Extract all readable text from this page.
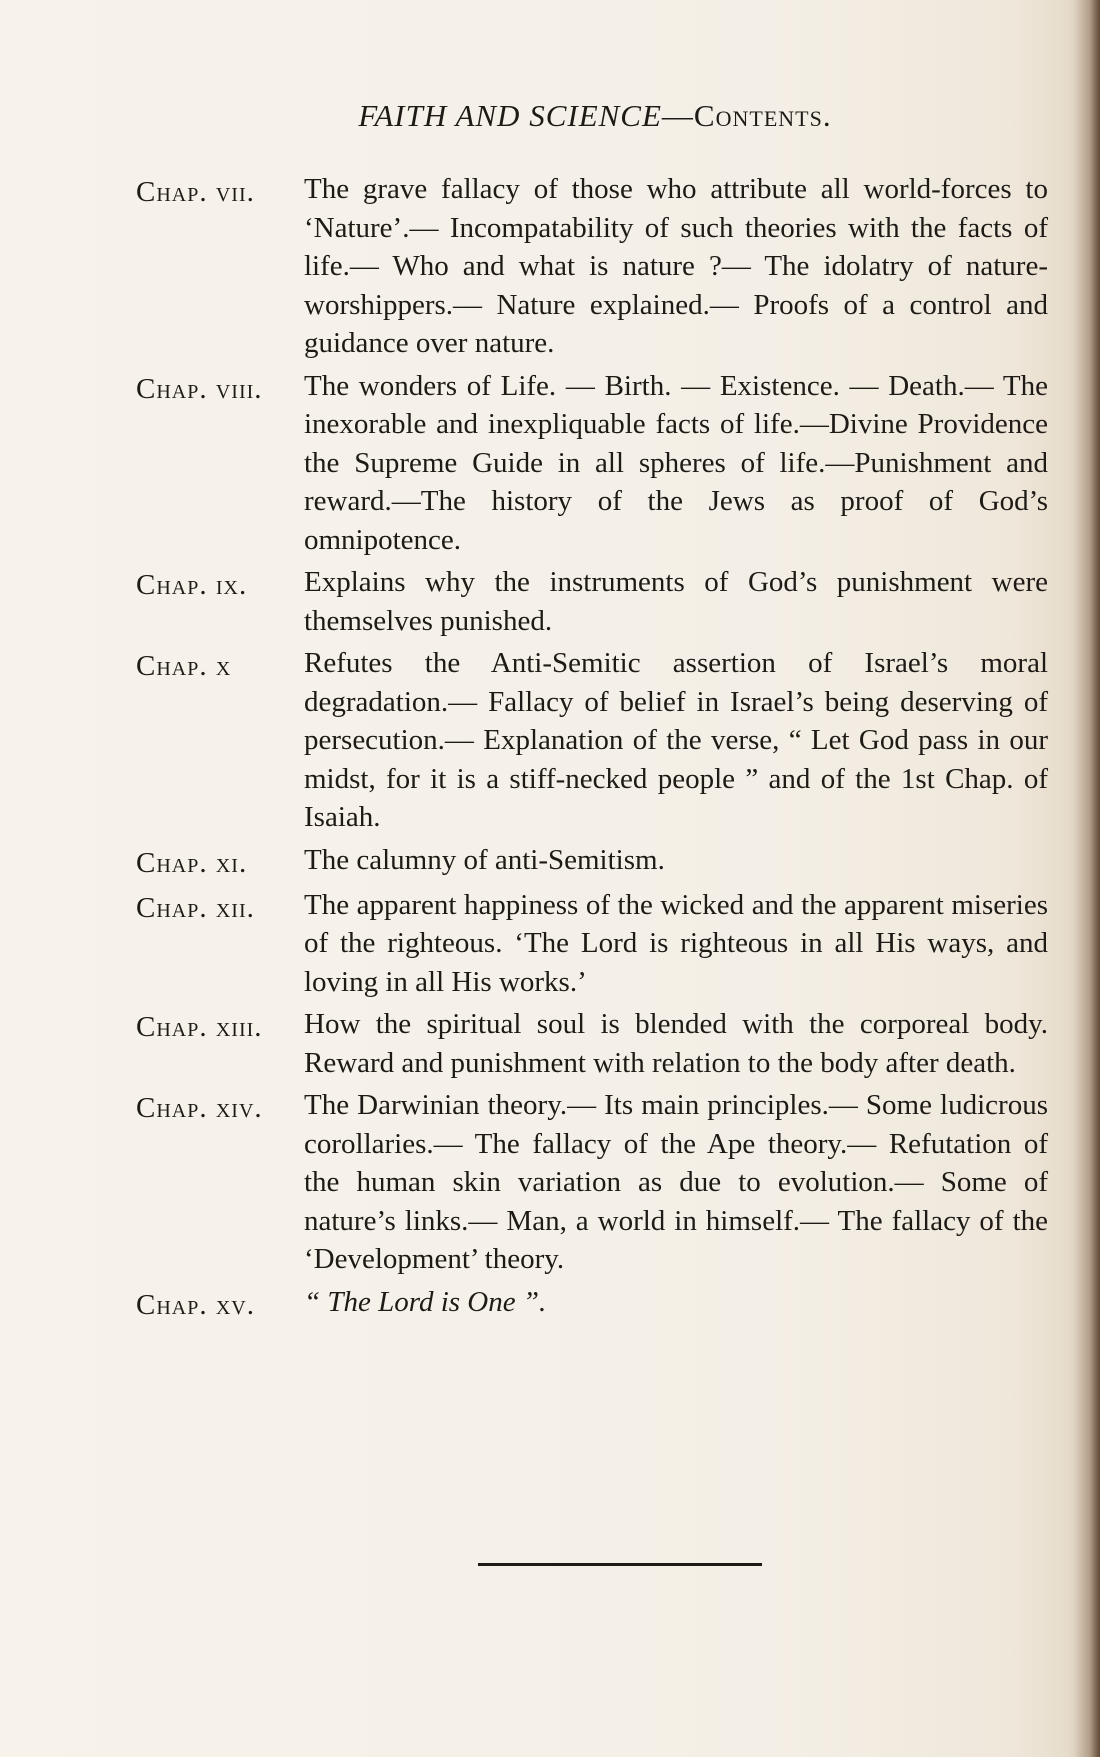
FAITH AND SCIENCE—Contents.
Chap. vii.	The grave fallacy of those who attribute all world-forces to ‘Nature’.— Incompatability of such theories with the facts of life.— Who and what is nature ?— The idolatry of nature-worshippers.— Nature explained.— Proofs of a control and guidance over nature.
Chap. viii.	The wonders of Life. — Birth. — Existence. — Death.— The inexorable and inexpliquable facts of life.—Divine Providence the Supreme Guide in all spheres of life.—Punishment and reward.—The history of the Jews as proof of God’s omnipotence.
Chap. ix.	Explains why the instruments of God’s punishment were themselves punished.
Chap. x	Refutes the Anti-Semitic assertion of Israel’s moral degradation.— Fallacy of belief in Israel’s being deserving of persecution.— Explanation of the verse, “ Let God pass in our midst, for it is a stiff-necked people ” and of the 1st Chap. of Isaiah.
Chap. xi.	The calumny of anti-Semitism.
Chap. xii.	The apparent happiness of the wicked and the apparent miseries of the righteous. ‘The Lord is righteous in all His ways, and loving in all His works.’
Chap. xiii.	How the spiritual soul is blended with the corporeal body. Reward and punishment with relation to the body after death.
Chap. xiv.	The Darwinian theory.— Its main principles.— Some ludicrous corollaries.— The fallacy of the Ape theory.— Refutation of the human skin variation as due to evolution.— Some of nature’s links.— Man, a world in himself.— The fallacy of the ‘Development’ theory.
Chap. xv.	“ The Lord is One ”.
